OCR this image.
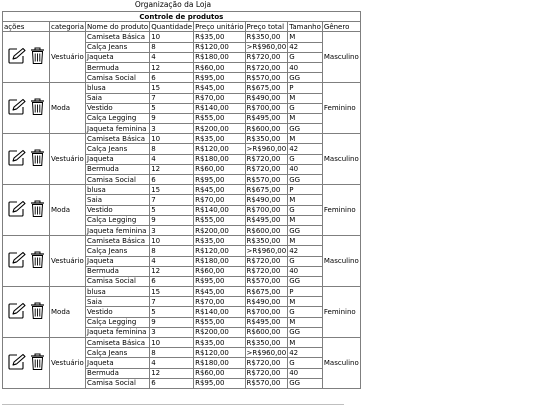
Organização da Loja
Controle de produtos							
ações	categoria	Nome do produto	Quantidade	Preço unitário	Preço total	Tamanho	Gênero

	Vestuário	Camiseta Básica	10	R$35,00	R$350,00	M	Masculino
		Calça Jeans	8	R$120,00	>R$960,00	42	
		Jaqueta	4	R$180,00	R$720,00	G	
		Bermuda	12	R$60,00	R$720,00	40	
		Camisa Social	6	R$95,00	R$570,00	GG	

	Moda	blusa	15	R$45,00	R$675,00	P	Feminino
		Saia	7	R$70,00	R$490,00	M	
		Vestido	5	R$140,00	R$700,00	G	
		Calça Legging	9	R$55,00	R$495,00	M	
		Jaqueta feminina	3	R$200,00	R$600,00	GG	

	Vestuário	Camiseta Básica	10	R$35,00	R$350,00	M	Masculino
		Calça Jeans	8	R$120,00	>R$960,00	42	
		Jaqueta	4	R$180,00	R$720,00	G	
		Bermuda	12	R$60,00	R$720,00	40	
		Camisa Social	6	R$95,00	R$570,00	GG	

	Moda	blusa	15	R$45,00	R$675,00	P	Feminino
		Saia	7	R$70,00	R$490,00	M	
		Vestido	5	R$140,00	R$700,00	G	
		Calça Legging	9	R$55,00	R$495,00	M	
		Jaqueta feminina	3	R$200,00	R$600,00	GG	

	Vestuário	Camiseta Básica	10	R$35,00	R$350,00	M	Masculino
		Calça Jeans	8	R$120,00	>R$960,00	42	
		Jaqueta	4	R$180,00	R$720,00	G	
		Bermuda	12	R$60,00	R$720,00	40	
		Camisa Social	6	R$95,00	R$570,00	GG	

	Moda	blusa	15	R$45,00	R$675,00	P	Feminino
		Saia	7	R$70,00	R$490,00	M	
		Vestido	5	R$140,00	R$700,00	G	
		Calça Legging	9	R$55,00	R$495,00	M	
		Jaqueta feminina	3	R$200,00	R$600,00	GG	

	Vestuário	Camiseta Básica	10	R$35,00	R$350,00	M	Masculino
		Calça Jeans	8	R$120,00	>R$960,00	42	
		Jaqueta	4	R$180,00	R$720,00	G	
		Bermuda	12	R$60,00	R$720,00	40	
		Camisa Social	6	R$95,00	R$570,00	GG	
